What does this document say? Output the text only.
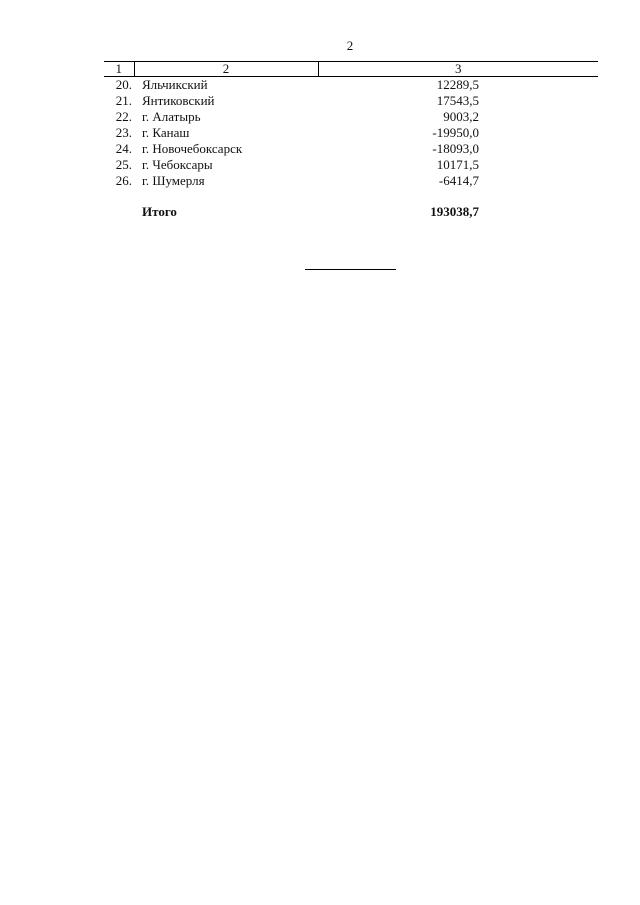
2
1	2	3
20.	Яльчикский	12289,5
21.	Янтиковский	17543,5
22.	г. Алатырь	9003,2
23.	г. Канаш	-19950,0
24.	г. Новочебоксарск	-18093,0
25.	г. Чебоксары	10171,5
26.	г. Шумерля	-6414,7

	Итого	193038,7
